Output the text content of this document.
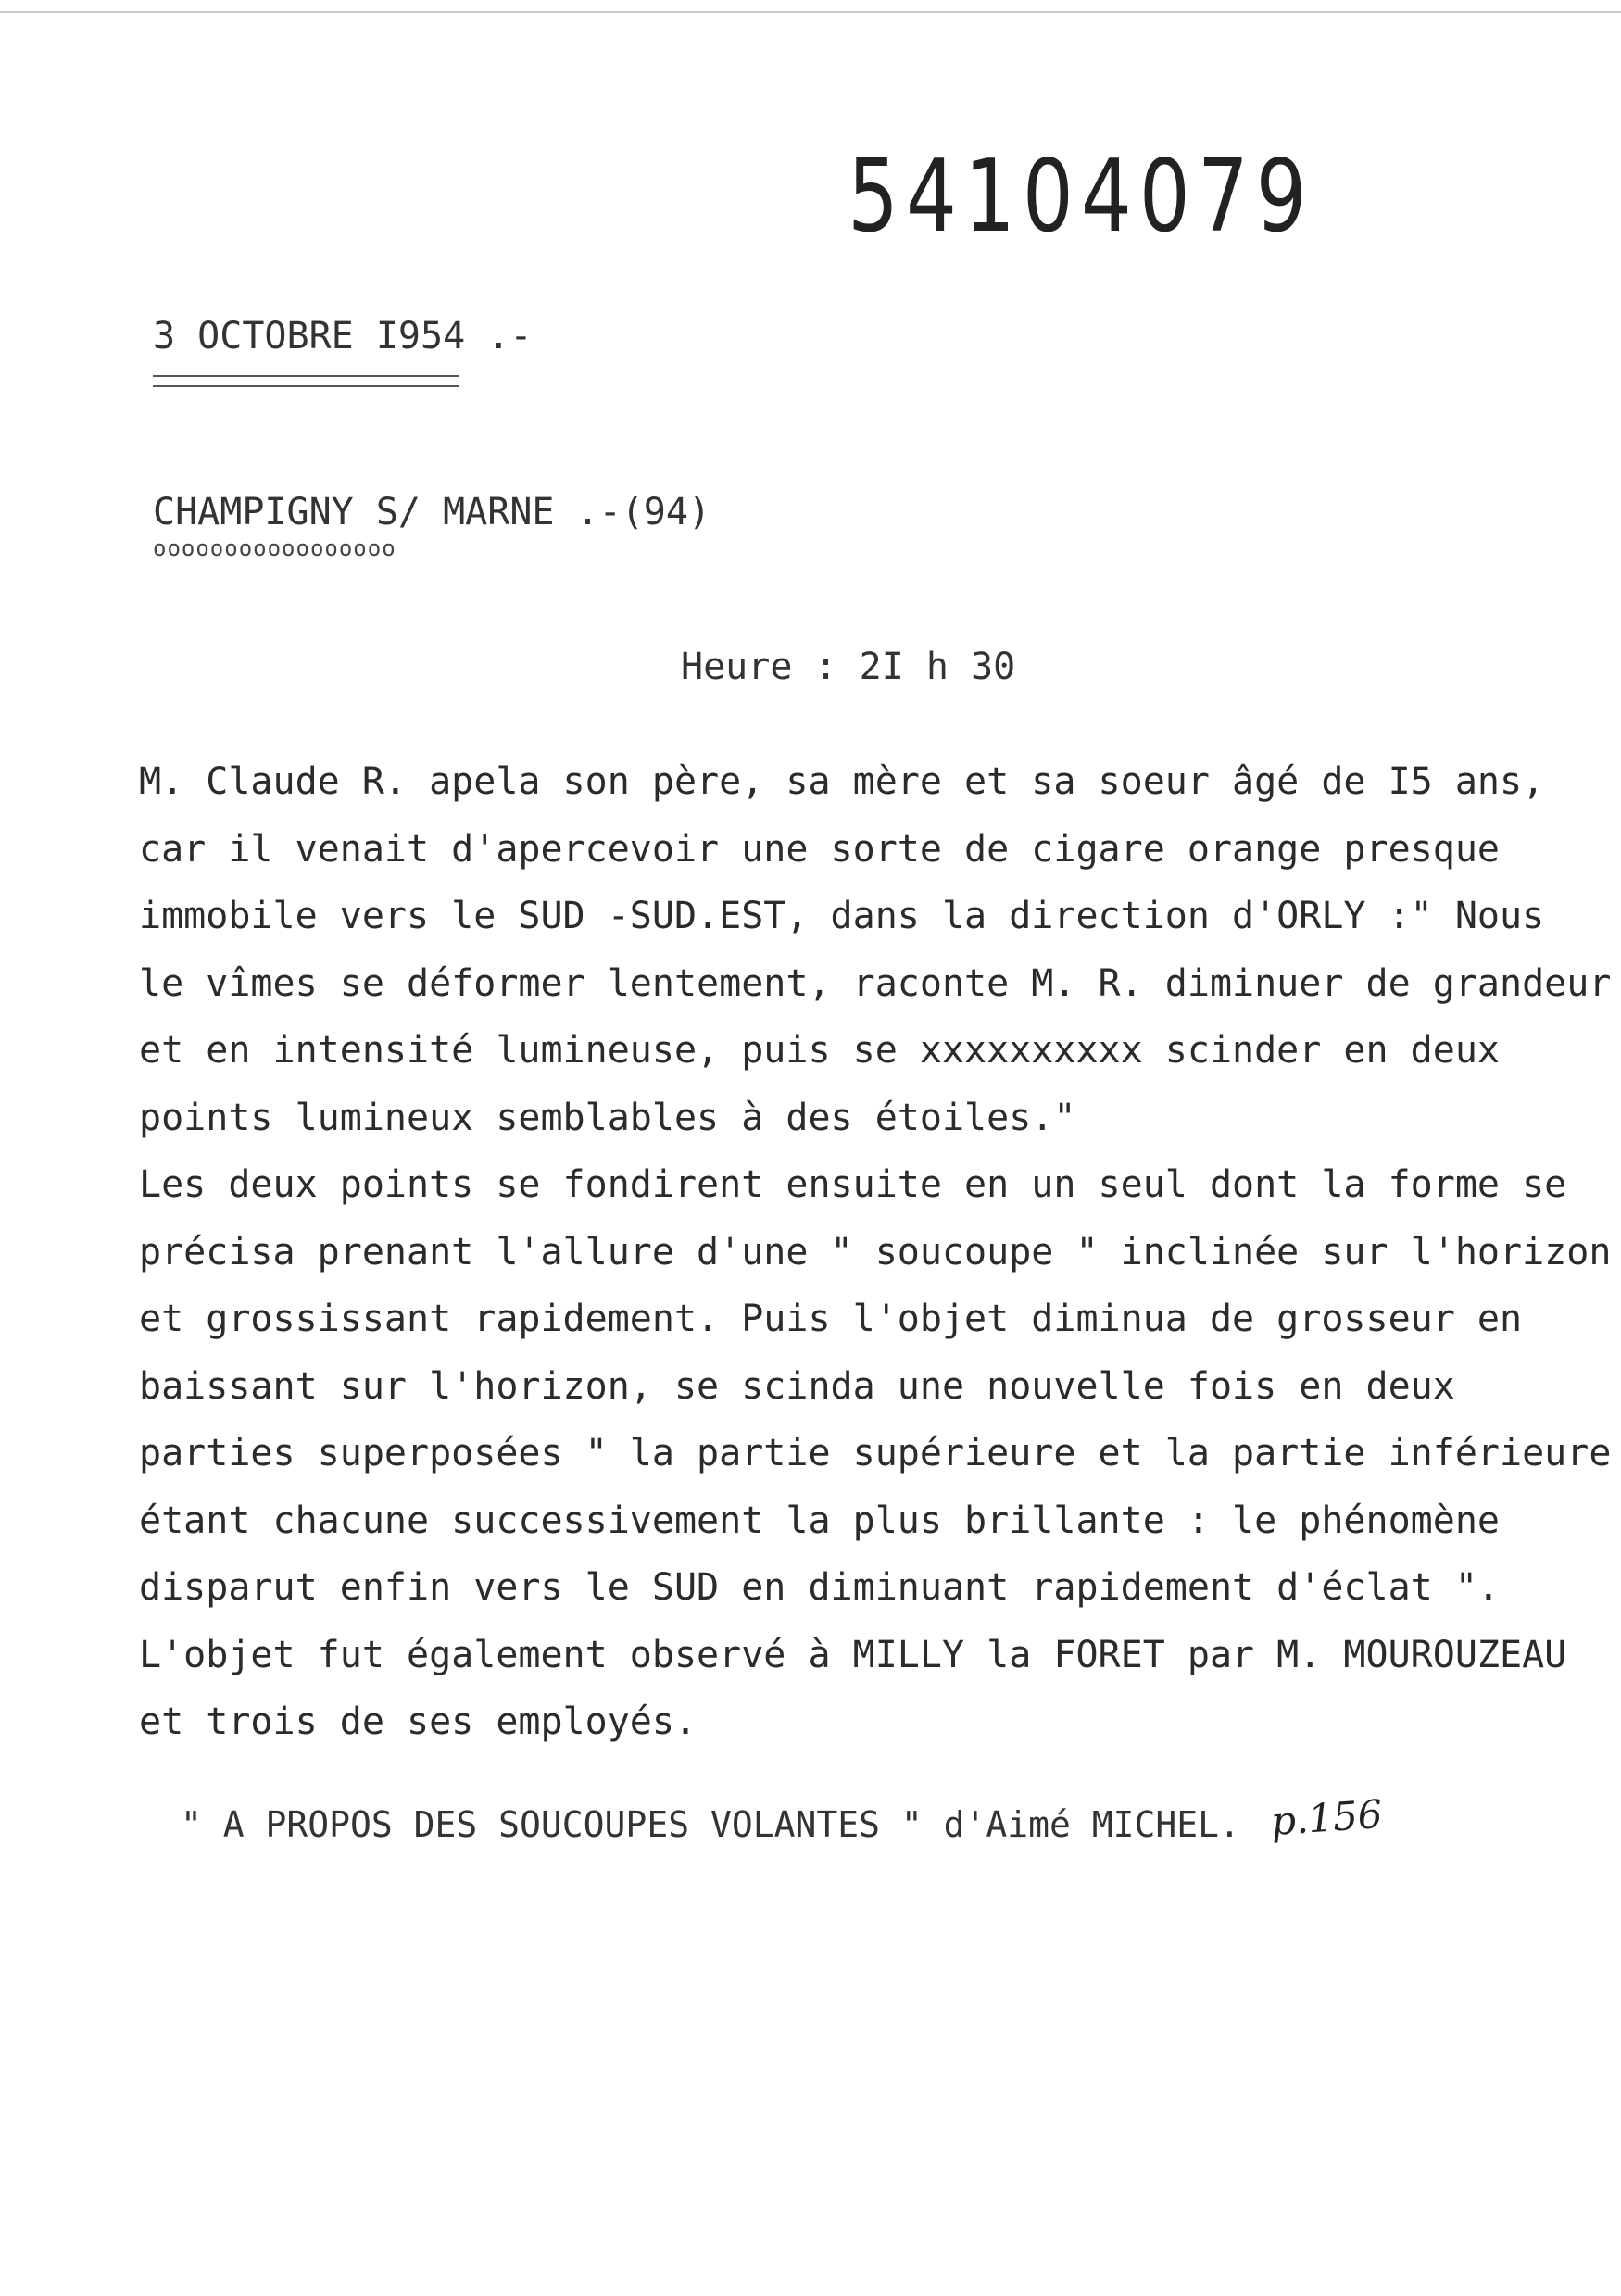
54104079
3 OCTOBRE I954 .-
CHAMPIGNY S/ MARNE .-(94)
ooooooooooooooooo
Heure : 2I h 30
M. Claude R. apela son père, sa mère et sa soeur âgé de I5 ans,
car il venait d'apercevoir une sorte de cigare orange presque
immobile vers le SUD -SUD.EST, dans la direction d'ORLY :" Nous
le vîmes se déformer lentement, raconte M. R. diminuer de grandeur
et en intensité lumineuse, puis se xxxxxxxxxx scinder en deux
points lumineux semblables à des étoiles."
Les deux points se fondirent ensuite en un seul dont la forme se
précisa prenant l'allure d'une " soucoupe " inclinée sur l'horizon
et grossissant rapidement. Puis l'objet diminua de grosseur en
baissant sur l'horizon, se scinda une nouvelle fois en deux
parties superposées " la partie supérieure et la partie inférieure
étant chacune successivement la plus brillante : le phénomène
disparut enfin vers le SUD en diminuant rapidement d'éclat ".
L'objet fut également observé à MILLY la FORET par M. MOUROUZEAU
et trois de ses employés.
" A PROPOS DES SOUCOUPES VOLANTES " d'Aimé MICHEL. p.156
